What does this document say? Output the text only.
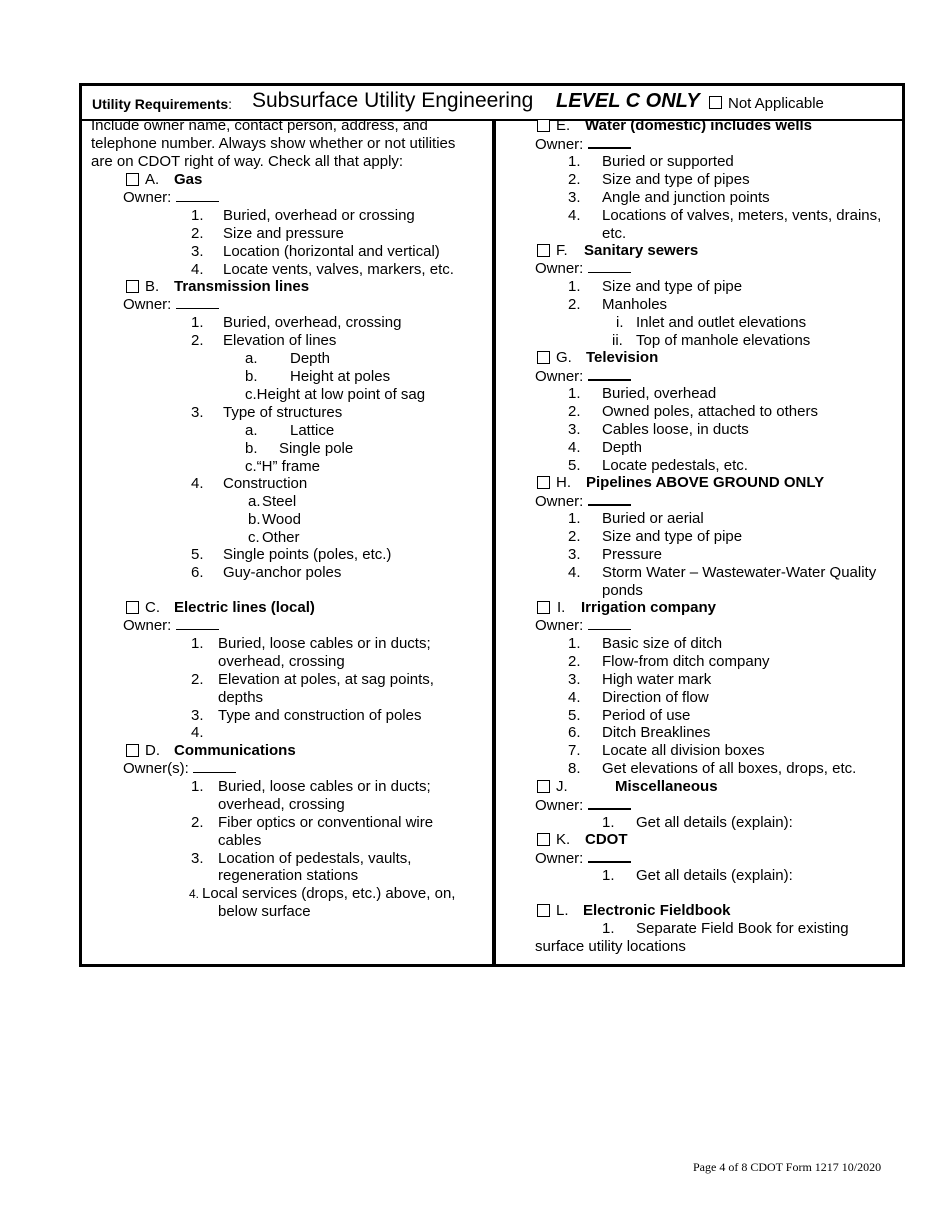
Utility Requirements: Subsurface Utility Engineering LEVEL C ONLY Not Applicable
Include owner name, contact person, address, and
telephone number. Always show whether or not utilities
are on CDOT right of way. Check all that apply:
A. Gas
Owner:
1. Buried, overhead or crossing
2. Size and pressure
3. Location (horizontal and vertical)
4. Locate vents, valves, markers, etc.
B. Transmission lines
Owner:
1. Buried, overhead, crossing
2. Elevation of lines
a. Depth
b. Height at poles
c.Height at low point of sag
3. Type of structures
a. Lattice
b. Single pole
c.“H” frame
4. Construction
a. Steel
b. Wood
c. Other
5. Single points (poles, etc.)
6. Guy-anchor poles
C. Electric lines (local)
Owner:
1. Buried, loose cables or in ducts;
overhead, crossing
2. Elevation at poles, at sag points,
depths
3. Type and construction of poles
4.
D. Communications
Owner(s):
1. Buried, loose cables or in ducts;
overhead, crossing
2. Fiber optics or conventional wire
cables
3. Location of pedestals, vaults,
regeneration stations
4. Local services (drops, etc.) above, on,
below surface
E. Water (domestic) includes wells
Owner:
1. Buried or supported
2. Size and type of pipes
3. Angle and junction points
4. Locations of valves, meters, vents, drains,
etc.
F. Sanitary sewers
Owner:
1. Size and type of pipe
2. Manholes
i. Inlet and outlet elevations
ii. Top of manhole elevations
G. Television
Owner:
1. Buried, overhead
2. Owned poles, attached to others
3. Cables loose, in ducts
4. Depth
5. Locate pedestals, etc.
H. Pipelines ABOVE GROUND ONLY
Owner:
1. Buried or aerial
2. Size and type of pipe
3. Pressure
4. Storm Water – Wastewater-Water Quality
ponds
I. Irrigation company
Owner:
1. Basic size of ditch
2. Flow-from ditch company
3. High water mark
4. Direction of flow
5. Period of use
6. Ditch Breaklines
7. Locate all division boxes
8. Get elevations of all boxes, drops, etc.
J.	Miscellaneous
Owner:
1. Get all details (explain):
K. CDOT
Owner:
1. Get all details (explain):
L. Electronic Fieldbook
1. Separate Field Book for existing
surface utility locations
Page 4 of 8 CDOT Form 1217 10/2020
